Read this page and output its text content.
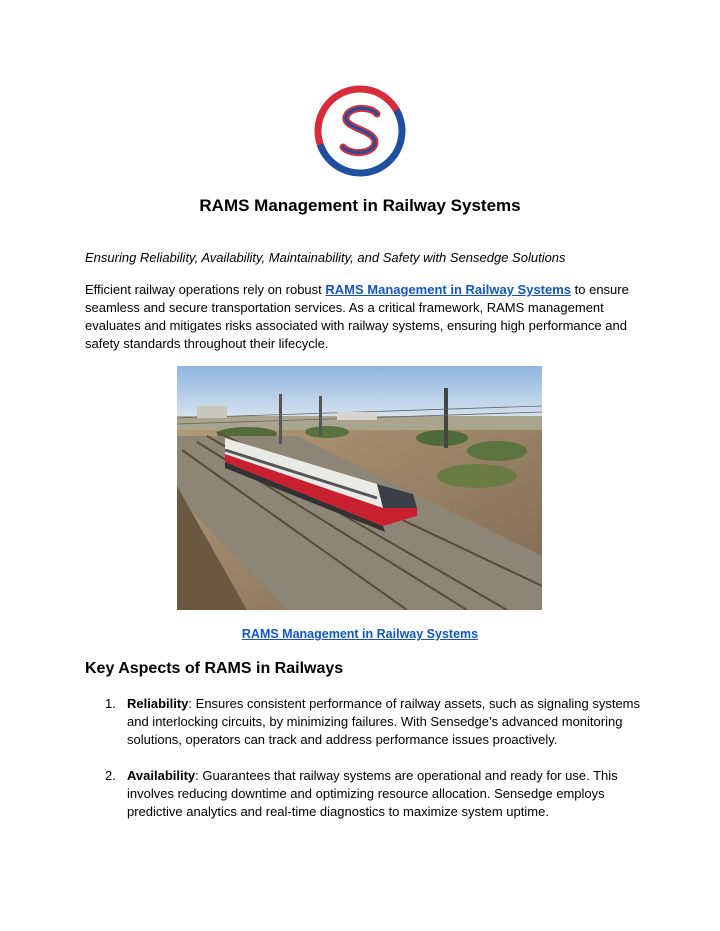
RAMS Management in Railway Systems

Ensuring Reliability, Availability, Maintainability, and Safety with Sensedge Solutions

Efficient railway operations rely on robust RAMS Management in Railway Systems to ensure seamless and secure transportation services. As a critical framework, RAMS management evaluates and mitigates risks associated with railway systems, ensuring high performance and safety standards throughout their lifecycle.

RAMS Management in Railway Systems

Key Aspects of RAMS in Railways
1. Reliability: Ensures consistent performance of railway assets, such as signaling systems and interlocking circuits, by minimizing failures. With Sensedge’s advanced monitoring solutions, operators can track and address performance issues proactively.
2. Availability: Guarantees that railway systems are operational and ready for use. This involves reducing downtime and optimizing resource allocation. Sensedge employs predictive analytics and real-time diagnostics to maximize system uptime.
